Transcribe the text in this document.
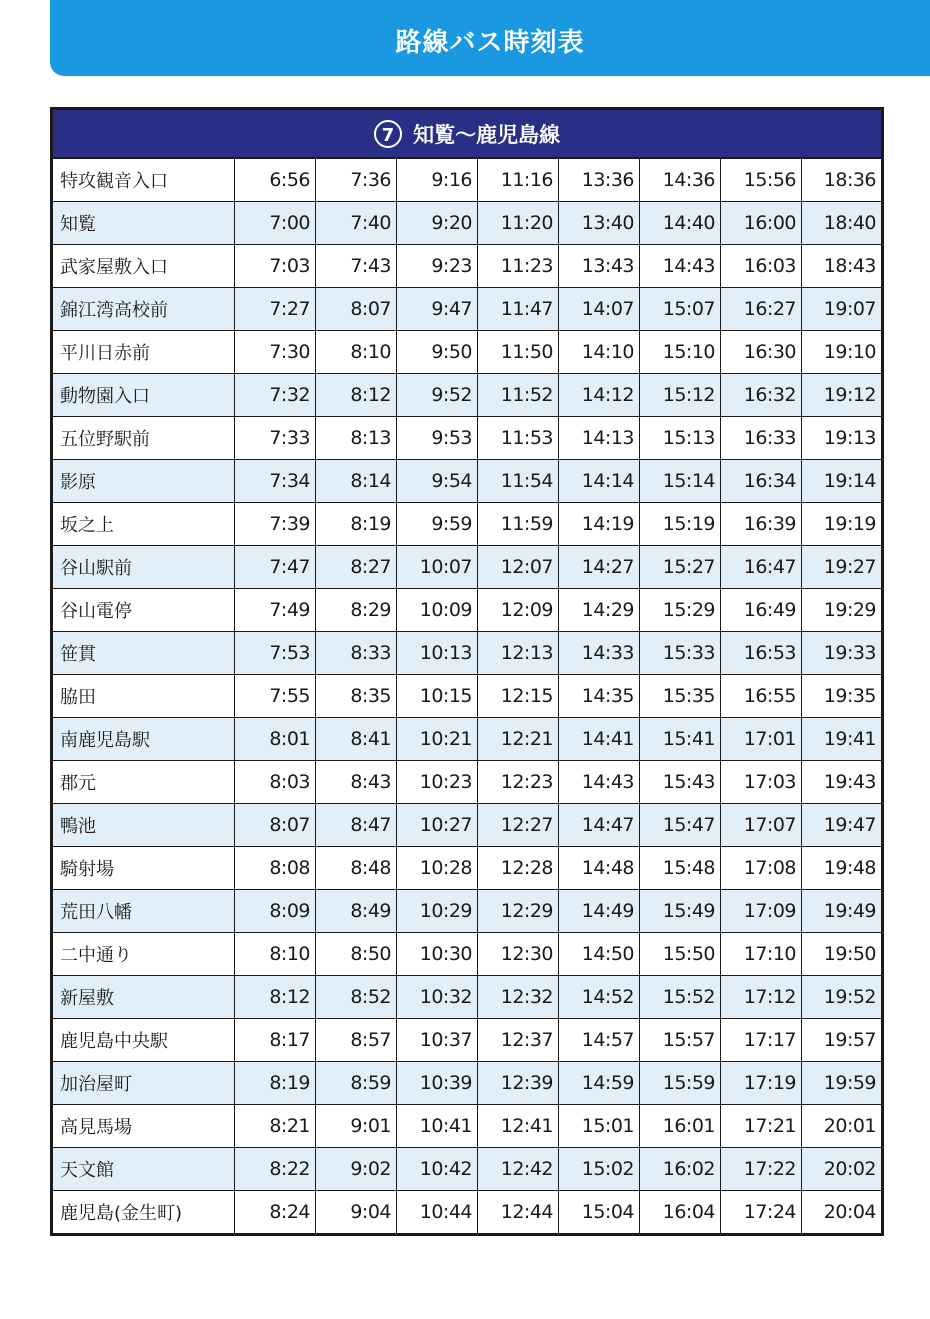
路線バス時刻表
7 知覧～鹿児島線								
特攻観音入口	6:56	7:36	9:16	11:16	13:36	14:36	15:56	18:36
知覧	7:00	7:40	9:20	11:20	13:40	14:40	16:00	18:40
武家屋敷入口	7:03	7:43	9:23	11:23	13:43	14:43	16:03	18:43
錦江湾高校前	7:27	8:07	9:47	11:47	14:07	15:07	16:27	19:07
平川日赤前	7:30	8:10	9:50	11:50	14:10	15:10	16:30	19:10
動物園入口	7:32	8:12	9:52	11:52	14:12	15:12	16:32	19:12
五位野駅前	7:33	8:13	9:53	11:53	14:13	15:13	16:33	19:13
影原	7:34	8:14	9:54	11:54	14:14	15:14	16:34	19:14
坂之上	7:39	8:19	9:59	11:59	14:19	15:19	16:39	19:19
谷山駅前	7:47	8:27	10:07	12:07	14:27	15:27	16:47	19:27
谷山電停	7:49	8:29	10:09	12:09	14:29	15:29	16:49	19:29
笹貫	7:53	8:33	10:13	12:13	14:33	15:33	16:53	19:33
脇田	7:55	8:35	10:15	12:15	14:35	15:35	16:55	19:35
南鹿児島駅	8:01	8:41	10:21	12:21	14:41	15:41	17:01	19:41
郡元	8:03	8:43	10:23	12:23	14:43	15:43	17:03	19:43
鴨池	8:07	8:47	10:27	12:27	14:47	15:47	17:07	19:47
騎射場	8:08	8:48	10:28	12:28	14:48	15:48	17:08	19:48
荒田八幡	8:09	8:49	10:29	12:29	14:49	15:49	17:09	19:49
二中通り	8:10	8:50	10:30	12:30	14:50	15:50	17:10	19:50
新屋敷	8:12	8:52	10:32	12:32	14:52	15:52	17:12	19:52
鹿児島中央駅	8:17	8:57	10:37	12:37	14:57	15:57	17:17	19:57
加治屋町	8:19	8:59	10:39	12:39	14:59	15:59	17:19	19:59
高見馬場	8:21	9:01	10:41	12:41	15:01	16:01	17:21	20:01
天文館	8:22	9:02	10:42	12:42	15:02	16:02	17:22	20:02
鹿児島(金生町)	8:24	9:04	10:44	12:44	15:04	16:04	17:24	20:04
